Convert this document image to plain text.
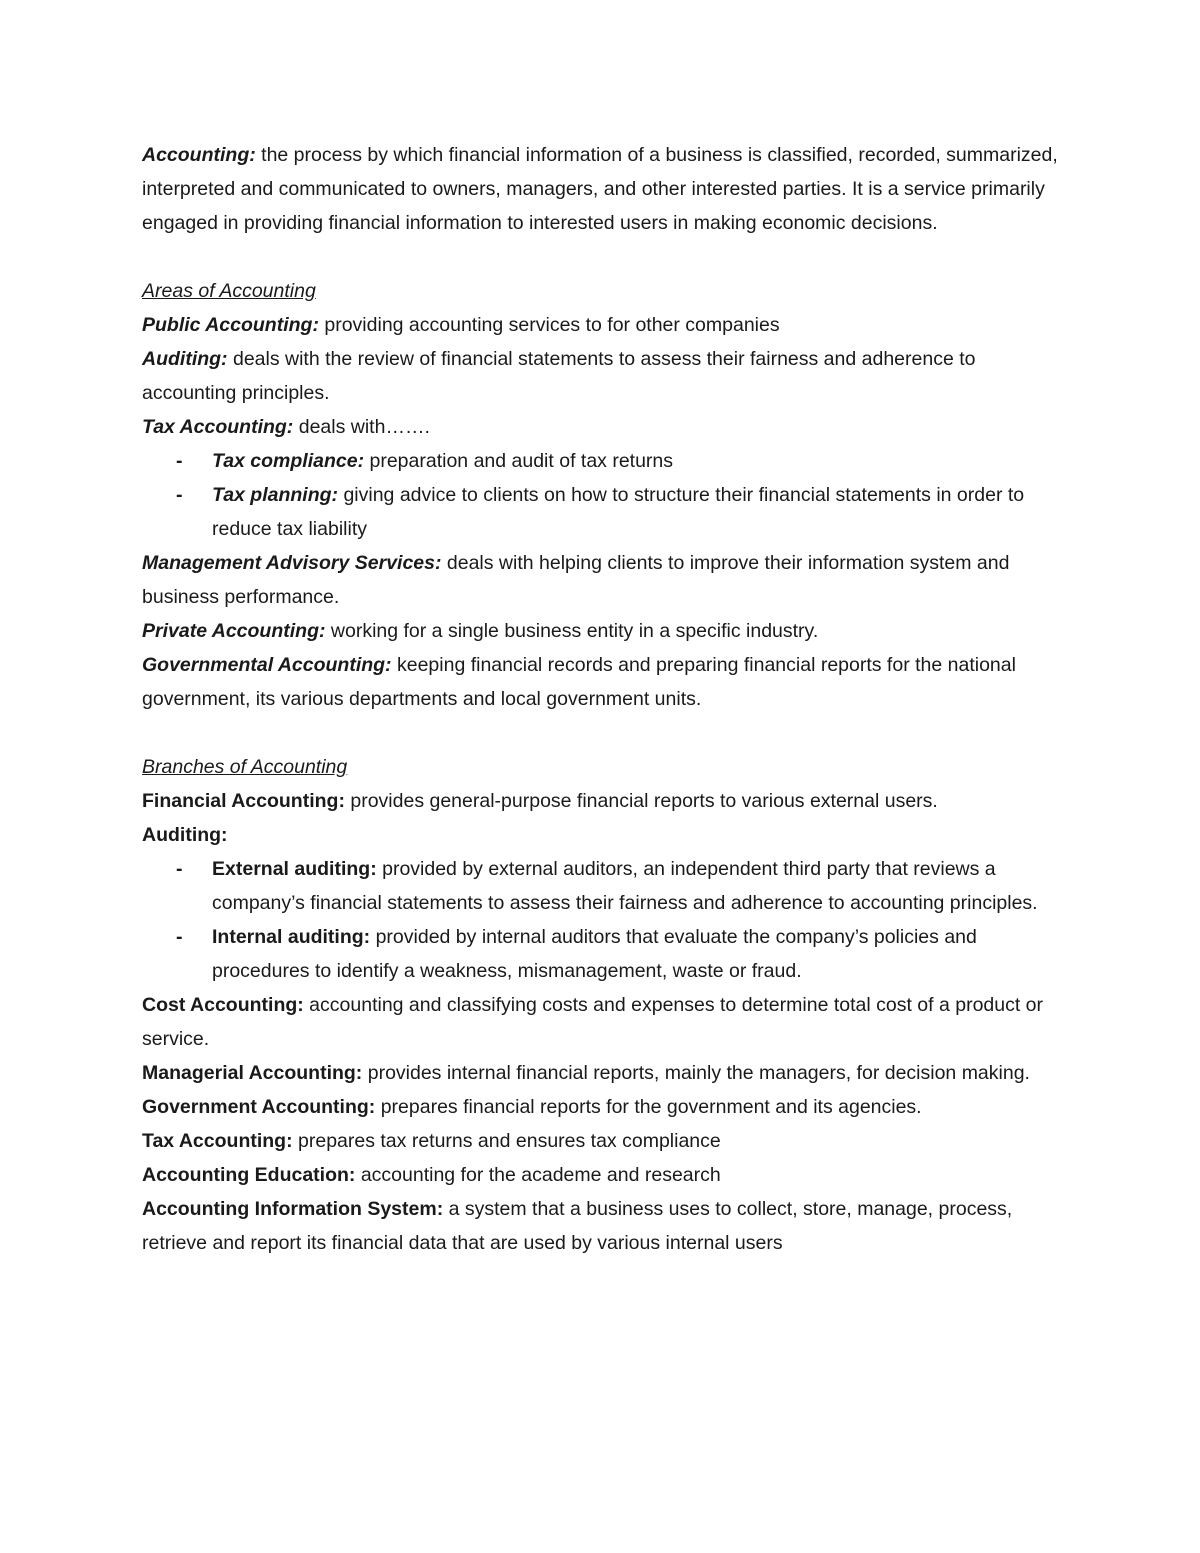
Accounting: the process by which financial information of a business is classified, recorded, summarized, interpreted and communicated to owners, managers, and other interested parties. It is a service primarily engaged in providing financial information to interested users in making economic decisions.

Areas of Accounting

Public Accounting: providing accounting services to for other companies

Auditing: deals with the review of financial statements to assess their fairness and adherence to accounting principles.

Tax Accounting: deals with…….

- Tax compliance: preparation and audit of tax returns

- Tax planning: giving advice to clients on how to structure their financial statements in order to reduce tax liability

Management Advisory Services: deals with helping clients to improve their information system and business performance.

Private Accounting: working for a single business entity in a specific industry.

Governmental Accounting: keeping financial records and preparing financial reports for the national government, its various departments and local government units.

Branches of Accounting

Financial Accounting: provides general-purpose financial reports to various external users.

Auditing:

- External auditing: provided by external auditors, an independent third party that reviews a company’s financial statements to assess their fairness and adherence to accounting principles.

- Internal auditing: provided by internal auditors that evaluate the company’s policies and procedures to identify a weakness, mismanagement, waste or fraud.

Cost Accounting: accounting and classifying costs and expenses to determine total cost of a product or service.

Managerial Accounting: provides internal financial reports, mainly the managers, for decision making.

Government Accounting: prepares financial reports for the government and its agencies.

Tax Accounting: prepares tax returns and ensures tax compliance

Accounting Education: accounting for the academe and research

Accounting Information System: a system that a business uses to collect, store, manage, process, retrieve and report its financial data that are used by various internal users
